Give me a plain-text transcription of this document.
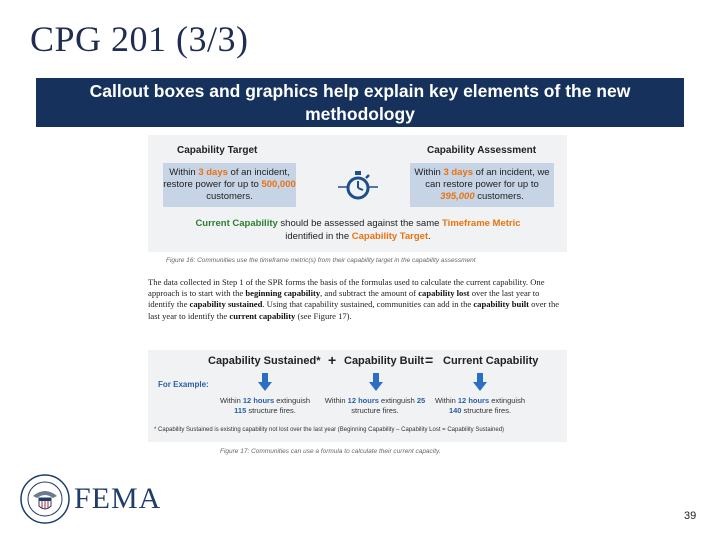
CPG 201 (3/3)
Callout boxes and graphics help explain key elements of the new methodology
Capability Target	Capability Assessment
Within 3 days of an incident, restore power for up to 500,000 customers.
Within 3 days of an incident, we can restore power for up to 395,000 customers.
Current Capability should be assessed against the same Timeframe Metric identified in the Capability Target.
Figure 16: Communities use the timeframe metric(s) from their capability target in the capability assessment
The data collected in Step 1 of the SPR forms the basis of the formulas used to calculate the current capability. One approach is to start with the beginning capability, and subtract the amount of capability lost over the last year to identify the capability sustained. Using that capability sustained, communities can add in the capability built over the last year to identify the current capability (see Figure 17).
Capability Sustained* + Capability Built = Current Capability
For Example:
Within 12 hours extinguish
115 structure fires.
Within 12 hours extinguish 25
structure fires.
Within 12 hours extinguish
140 structure fires.
* Capability Sustained is existing capability not lost over the last year (Beginning Capability – Capability Lost = Capability Sustained)
Figure 17: Communities can use a formula to calculate their current capacity.
FEMA
39
